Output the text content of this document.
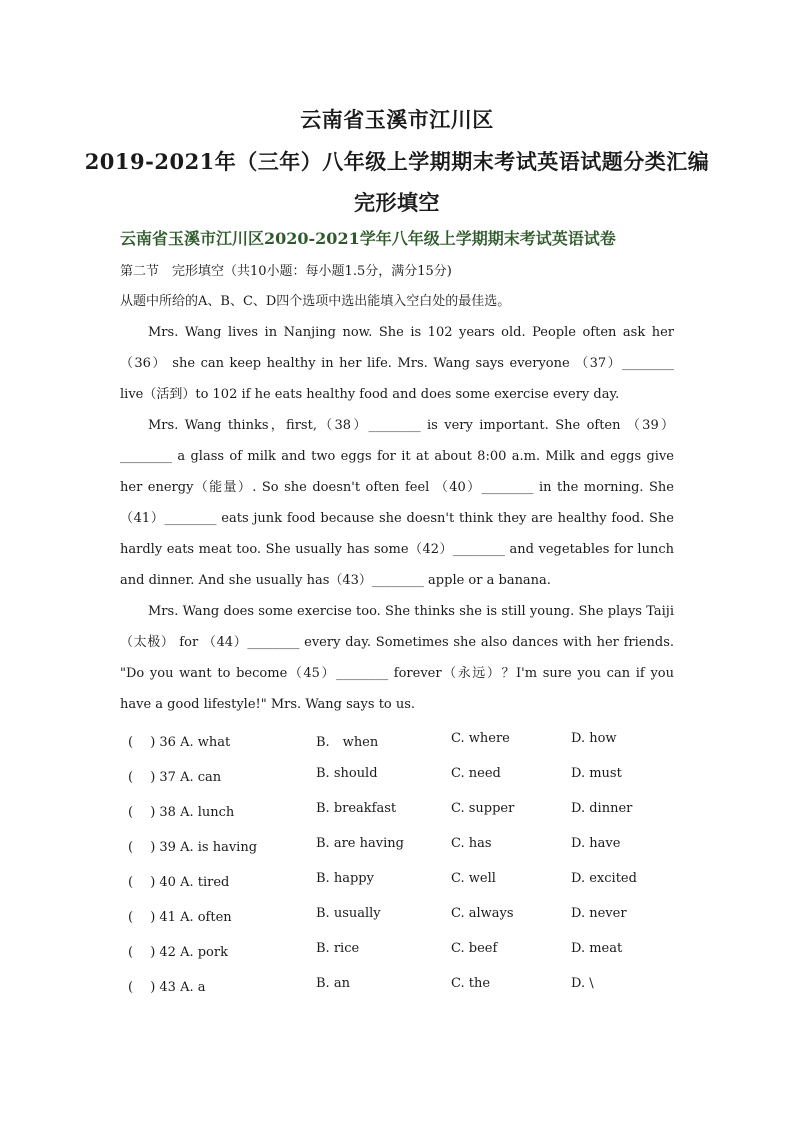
云南省玉溪市江川区
2019-2021年（三年）八年级上学期期末考试英语试题分类汇编
完形填空
云南省玉溪市江川区2020-2021学年八年级上学期期末考试英语试卷
第二节　完形填空（共10小题：每小题1.5分，满分15分)
从题中所给的A、B、C、D四个选项中选出能填入空白处的最佳选。

Mrs. Wang lives in Nanjing now. She is 102 years old. People often ask her （36） she can keep healthy in her life. Mrs. Wang says everyone （37）________ live（活到）to 102 if he eats healthy food and does some exercise every day.

Mrs. Wang thinks，first,（38）________ is very important. She often （39）________ a glass of milk and two eggs for it at about 8:00 a.m. Milk and eggs give her energy（能量）. So she doesn't often feel （40）________ in the morning. She （41）________ eats junk food because she doesn't think they are healthy food. She hardly eats meat too. She usually has some（42）________ and vegetables for lunch and dinner. And she usually has（43）________ apple or a banana.

Mrs. Wang does some exercise too. She thinks she is still young. She plays Taiji（太极） for （44）________ every day. Sometimes she also dances with her friends. "Do you want to become（45）________ forever（永远）？I'm sure you can if you have a good lifestyle!" Mrs. Wang says to us.

(　 ) 36 A. what	B.　when	C. where	D. how
(　 ) 37 A. can	B. should	C. need	D. must
(　 ) 38 A. lunch	B. breakfast	C. supper	D. dinner
(　 ) 39 A. is having	B. are having	C. has	D. have
(　 ) 40 A. tired	B. happy	C. well	D. excited
(　 ) 41 A. often	B. usually	C. always	D. never
(　 ) 42 A. pork	B. rice	C. beef	D. meat
(　 ) 43 A. a	B. an	C. the	D. \
